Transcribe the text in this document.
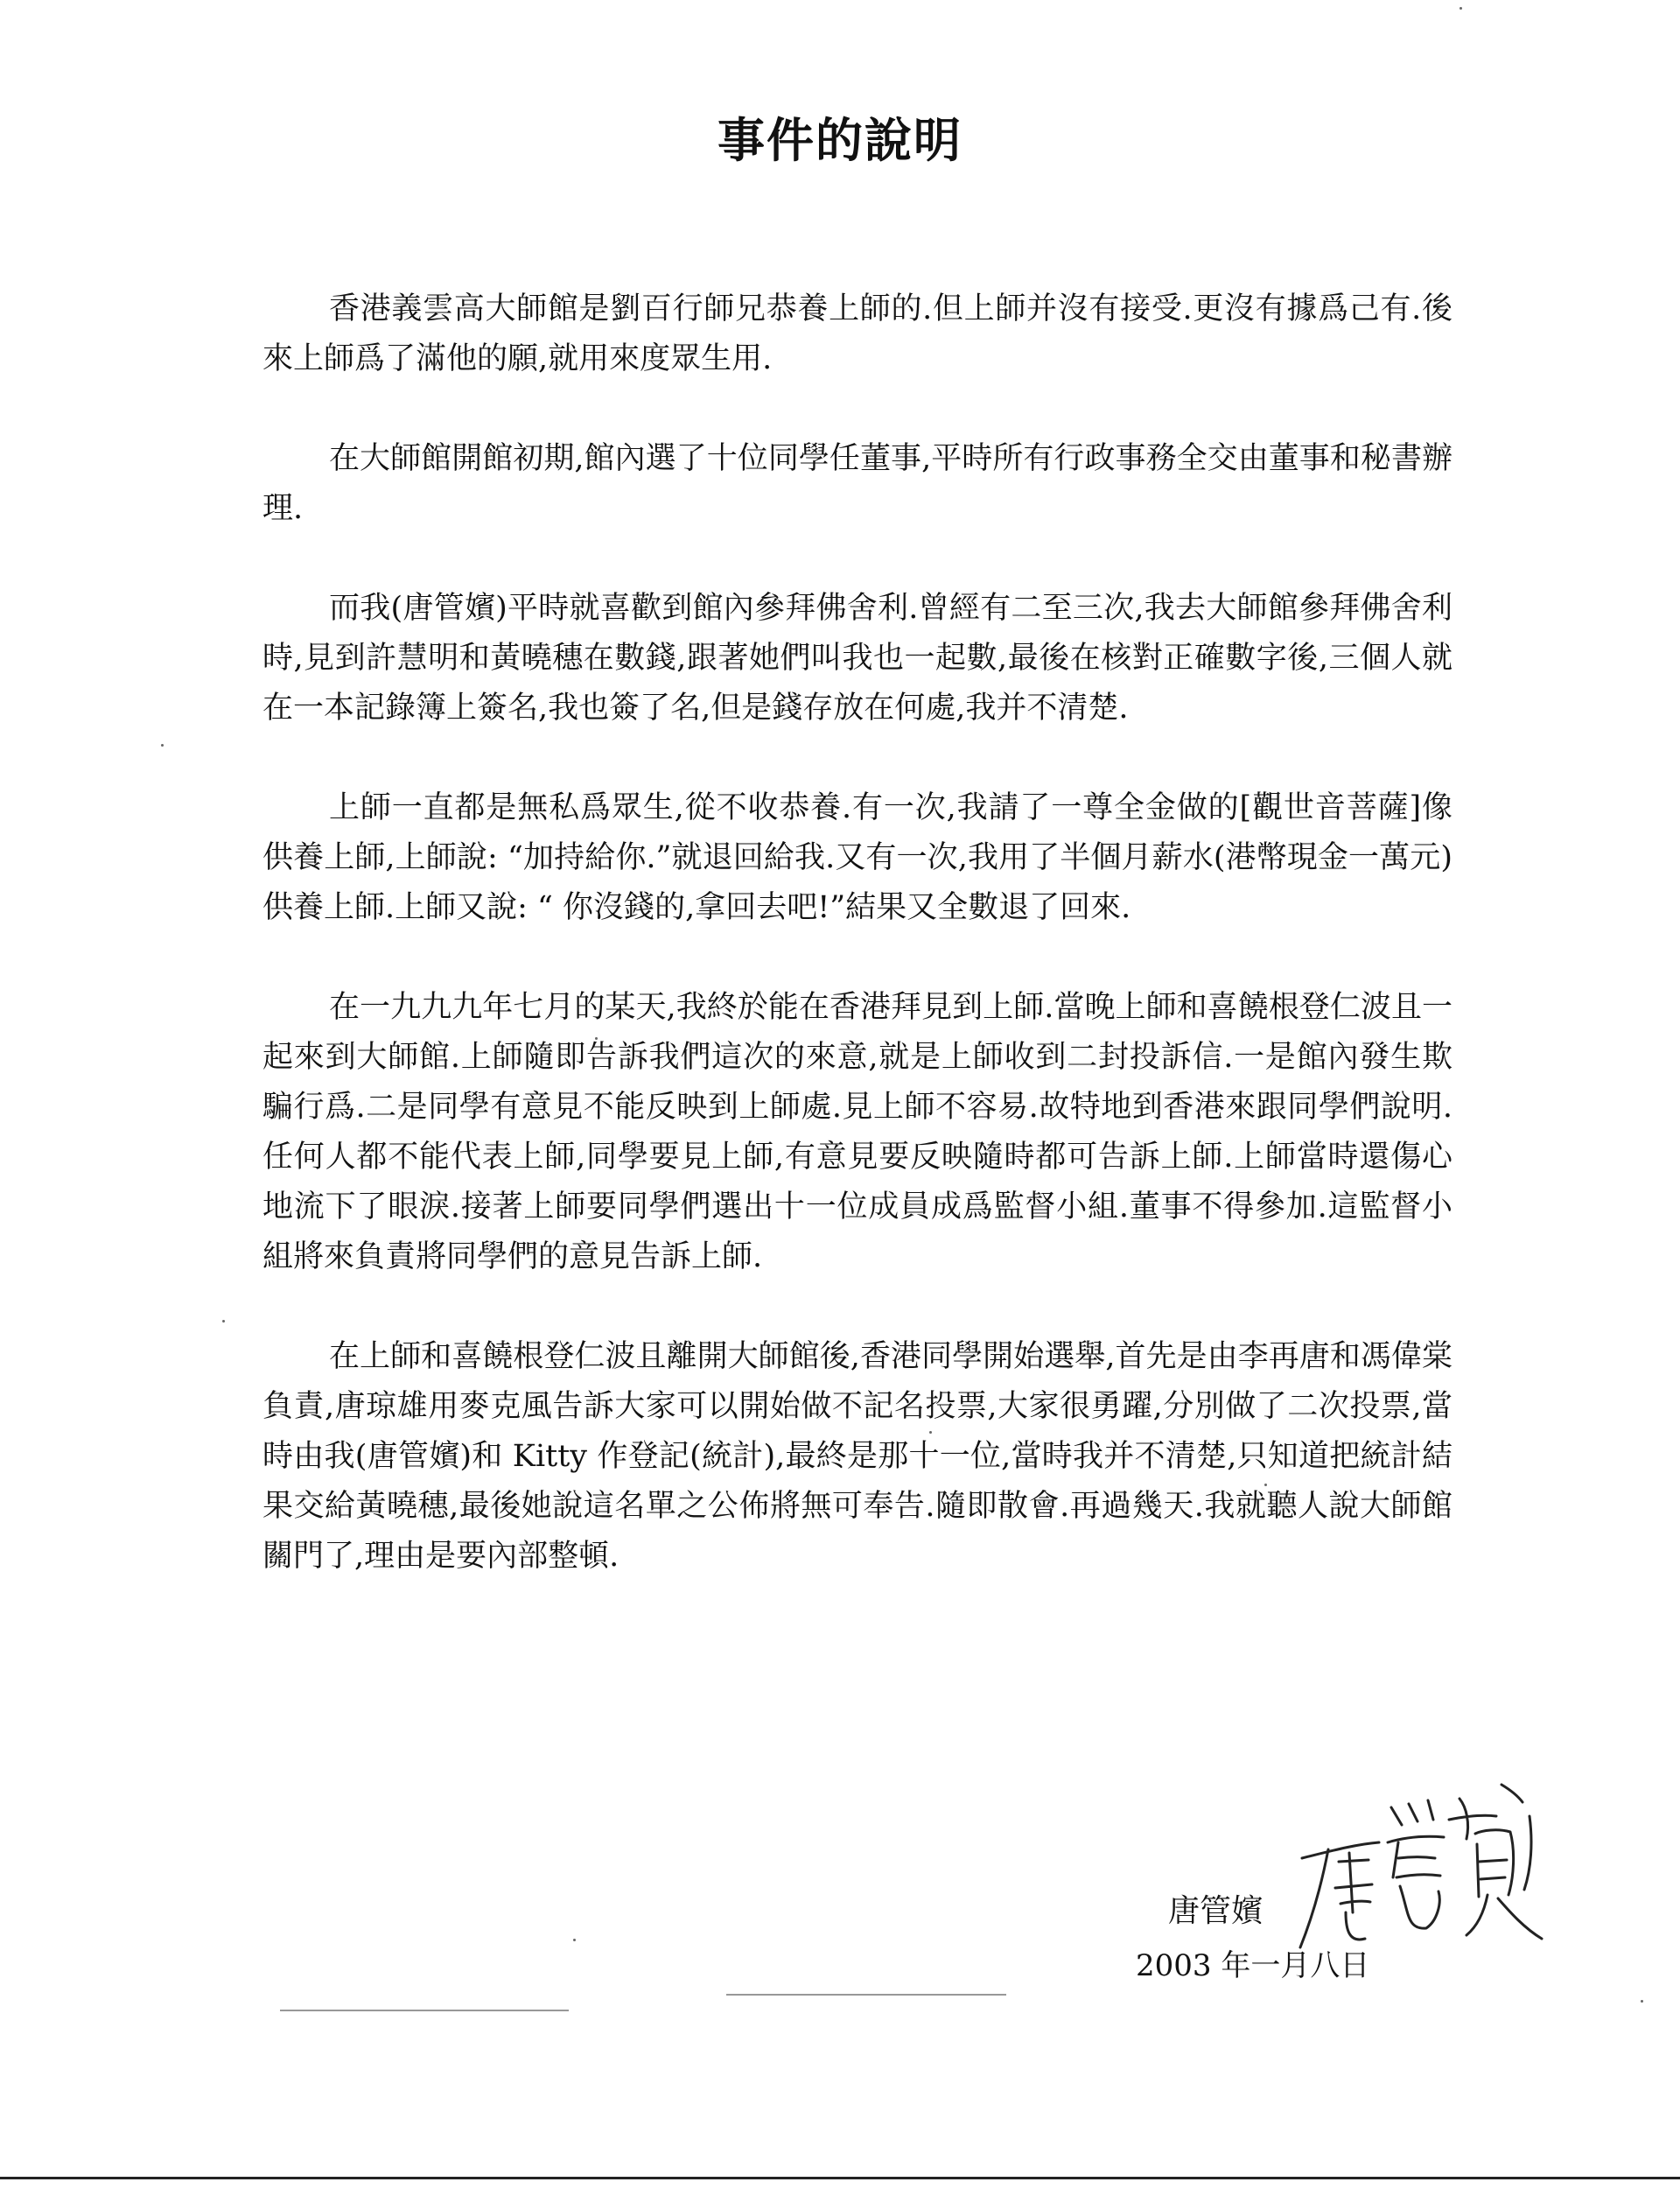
事件的說明

香港義雲高大師館是劉百行師兄恭養上師的.但上師并沒有接受.更沒有據爲己有.後來上師爲了滿他的願,就用來度眾生用.

在大師館開館初期,館內選了十位同學任董事,平時所有行政事務全交由董事和秘書辦理.

而我(唐管嬪)平時就喜歡到館內參拜佛舍利.曾經有二至三次,我去大師館參拜佛舍利時,見到許慧明和黃曉穗在數錢,跟著她們叫我也一起數,最後在核對正確數字後,三個人就在一本記錄簿上簽名,我也簽了名,但是錢存放在何處,我并不清楚.

上師一直都是無私爲眾生,從不收恭養.有一次,我請了一尊全金做的[觀世音菩薩]像供養上師,上師說: “加持給你.”就退回給我.又有一次,我用了半個月薪水(港幣現金一萬元) 供養上師.上師又說: “ 你沒錢的,拿回去吧!”結果又全數退了回來.

在一九九九年七月的某天,我終於能在香港拜見到上師.當晚上師和喜饒根登仁波且一起來到大師館.上師隨即告訴我們這次的來意,就是上師收到二封投訴信.一是館內發生欺騙行爲.二是同學有意見不能反映到上師處.見上師不容易.故特地到香港來跟同學們說明.任何人都不能代表上師,同學要見上師,有意見要反映隨時都可告訴上師.上師當時還傷心地流下了眼淚.接著上師要同學們選出十一位成員成爲監督小組.董事不得參加.這監督小組將來負責將同學們的意見告訴上師.

在上師和喜饒根登仁波且離開大師館後,香港同學開始選舉,首先是由李再唐和馮偉棠負責,唐琼雄用麥克風告訴大家可以開始做不記名投票,大家很勇躍,分別做了二次投票,當時由我(唐管嬪)和 Kitty 作登記(統計),最終是那十一位,當時我并不清楚,只知道把統計結果交給黃曉穗,最後她說這名單之公佈將無可奉告.隨即散會.再過幾天.我就聽人說大師館關門了,理由是要內部整頓.

唐管嬪
2003 年一月八日
